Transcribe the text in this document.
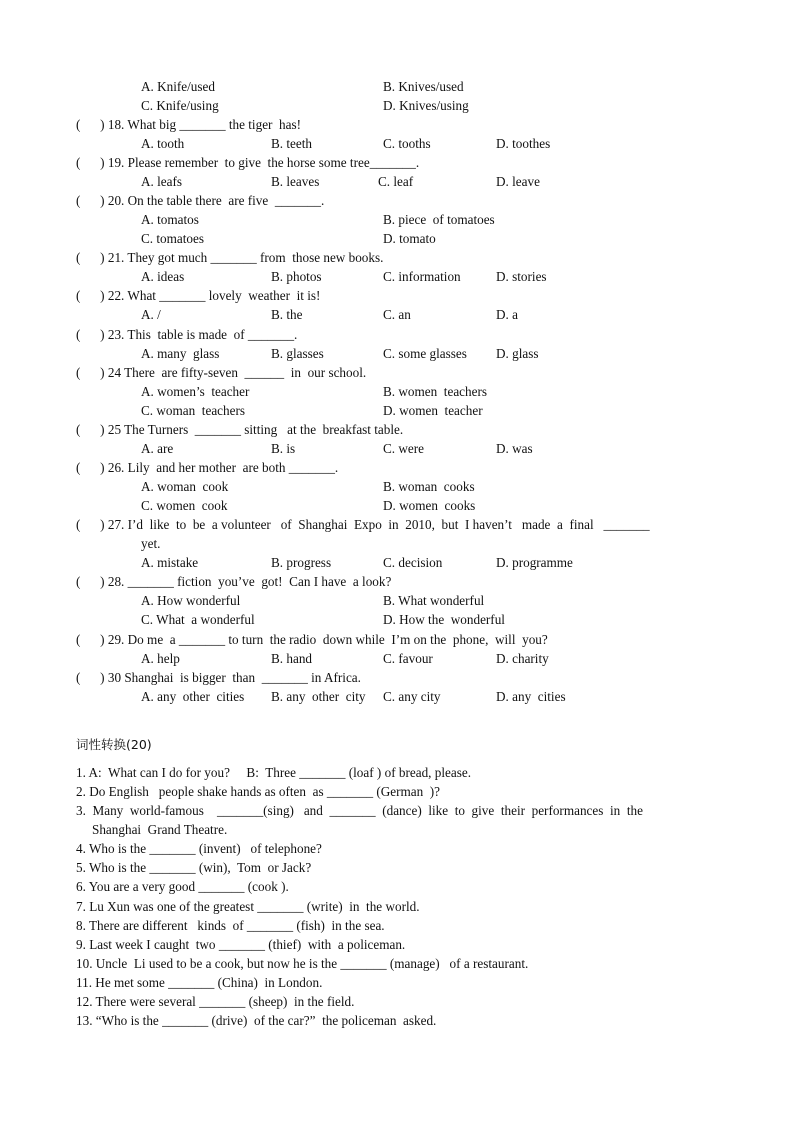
A. Knife/used

	B. Knives/used

C. Knife/using

	D. Knives/using

(      ) 18. What big _______ the tiger  has!

A. tooth

	B. teeth

	C. tooths

	D. toothes

(      ) 19. Please remember  to give  the horse some tree_______.

A. leafs

	B. leaves

	C. leaf

	D. leave

(      ) 20. On the table there  are five  _______.

A. tomatos

	B. piece  of tomatoes

C. tomatoes

	D. tomato

(      ) 21. They got much _______ from  those new books.

A. ideas

	B. photos

	C. information

	D. stories

(      ) 22. What _______ lovely  weather  it is!

A. /

	B. the

	C. an

	D. a

(      ) 23. This  table is made  of _______.

A. many  glass

	B. glasses

	C. some glasses

D. glass

(      ) 24 There  are fifty-seven  ______  in  our school.

A. women’s  teacher

	B. women  teachers

C. woman  teachers

	D. women  teacher

(      ) 25 The Turners  _______ sitting   at the  breakfast table.

A. are

	B. is

	C. were

	D. was

(      ) 26. Lily  and her mother  are both _______.

A. woman  cook

	B. woman  cooks

C. women  cook

	D. women  cooks

(      ) 27. I’d  like  to  be  a volunteer   of  Shanghai  Expo  in  2010,  but  I haven’t   made  a  final   _______
yet.

A. mistake

	B. progress

	C. decision

	D. programme

(      ) 28. _______ fiction  you’ve  got!  Can I have  a look?

A. How wonderful

	B. What wonderful

C. What  a wonderful

	D. How the  wonderful

(      ) 29. Do me  a _______ to turn  the radio  down while  I’m on the  phone,  will  you?

A. help

	B. hand

	C. favour

	D. charity

(      ) 30 Shanghai  is bigger  than  _______ in Africa.

A. any  other  cities

B. any  other  city

C. any city

	D. any  cities

词性转换(20)
1. A:  What can I do for you?     B:  Three _______ (loaf ) of bread, please.
2. Do English   people shake hands as often  as _______ (German  )?
3.  Many  world-famous    _______(sing)   and  _______  (dance)  like  to  give  their  performances  in  the
Shanghai  Grand Theatre.
4. Who is the _______ (invent)   of telephone?
5. Who is the _______ (win),  Tom  or Jack?
6. You are a very good _______ (cook ).
7. Lu Xun was one of the greatest _______ (write)  in  the world.
8. There are different   kinds  of _______ (fish)  in the sea.
9. Last week I caught  two _______ (thief)  with  a policeman.
10. Uncle  Li used to be a cook, but now he is the _______ (manage)   of a restaurant.
11. He met some _______ (China)  in London.
12. There were several _______ (sheep)  in the field.
13. “Who is the _______ (drive)  of the car?”  the policeman  asked.
